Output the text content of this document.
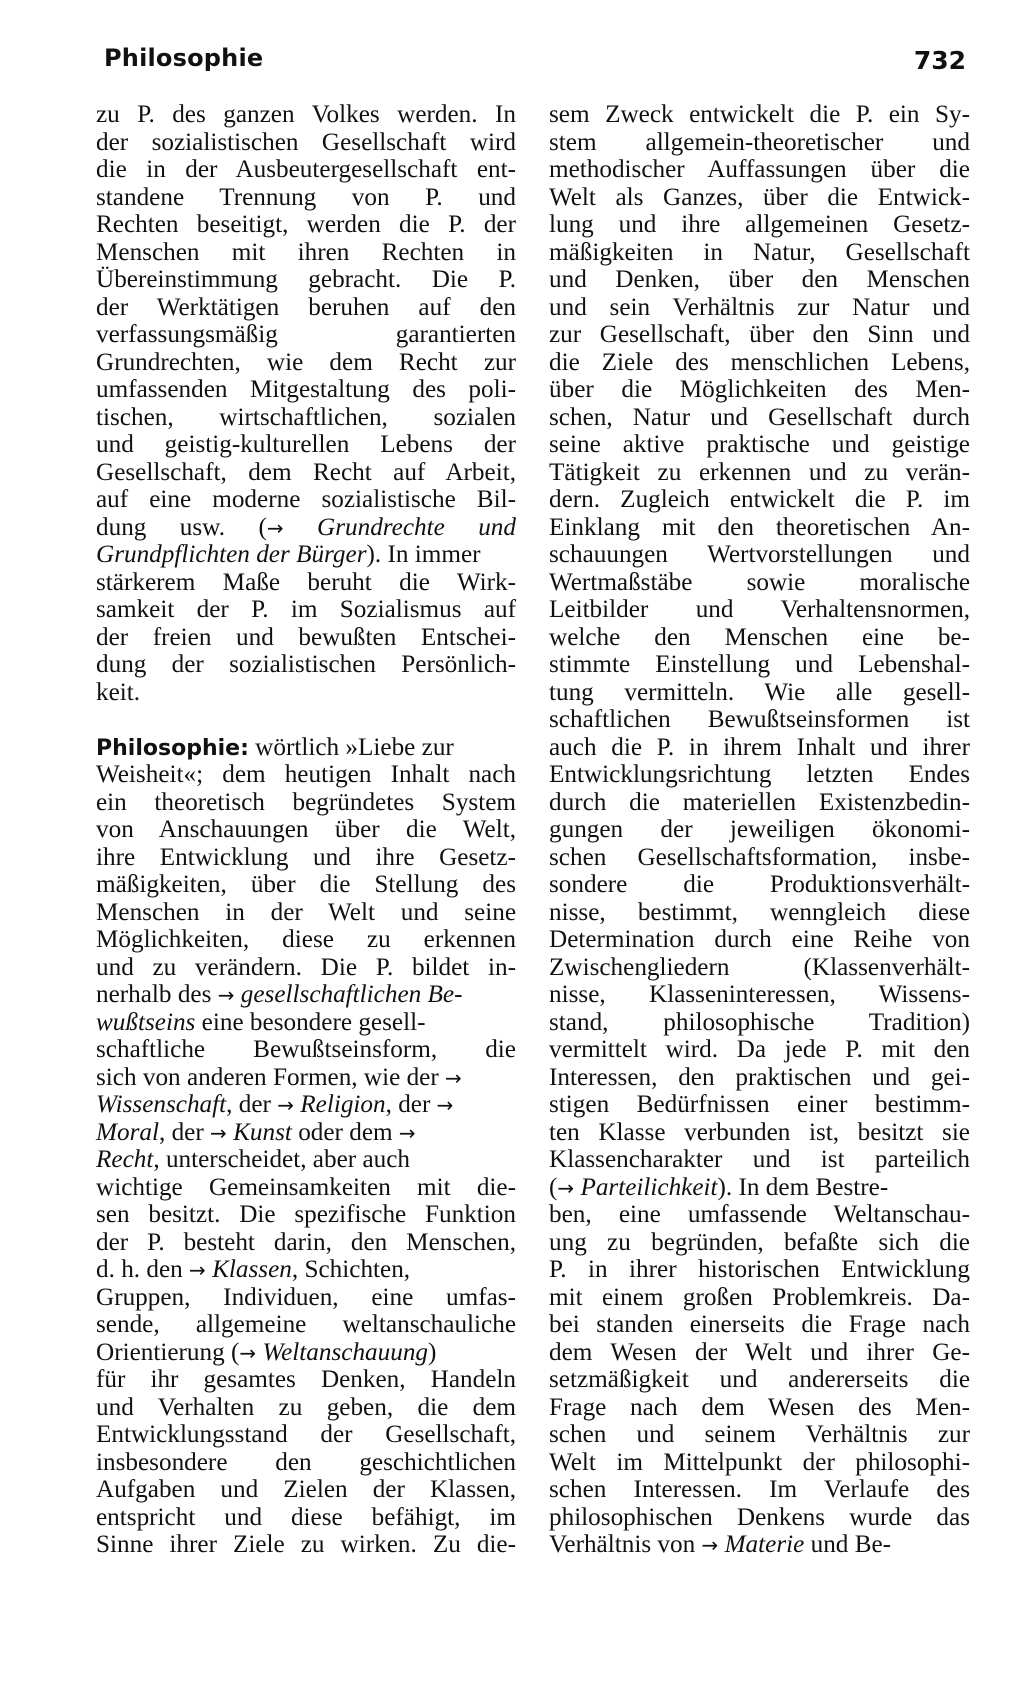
Philosophie	732
zu P. des ganzen Volkes werden. In
der sozialistischen Gesellschaft wird
die in der Ausbeutergesellschaft ent-
standene Trennung von P. und
Rechten beseitigt, werden die P. der
Menschen mit ihren Rechten in
Übereinstimmung gebracht. Die P.
der Werktätigen beruhen auf den
verfassungsmäßig garantierten
Grundrechten, wie dem Recht zur
umfassenden Mitgestaltung des poli-
tischen, wirtschaftlichen, sozialen
und geistig-kulturellen Lebens der
Gesellschaft, dem Recht auf Arbeit,
auf eine moderne sozialistische Bil-
dung usw. (→ Grundrechte und
Grundpflichten der Bürger). In immer
stärkerem Maße beruht die Wirk-
samkeit der P. im Sozialismus auf
der freien und bewußten Entschei-
dung der sozialistischen Persönlich-
keit.
Philosophie: wörtlich »Liebe zur
Weisheit«; dem heutigen Inhalt nach
ein theoretisch begründetes System
von Anschauungen über die Welt,
ihre Entwicklung und ihre Gesetz-
mäßigkeiten, über die Stellung des
Menschen in der Welt und seine
Möglichkeiten, diese zu erkennen
und zu verändern. Die P. bildet in-
nerhalb des → gesellschaftlichen Be-
wußtseins eine besondere gesell-
schaftliche Bewußtseinsform, die
sich von anderen Formen, wie der →
Wissenschaft, der → Religion, der →
Moral, der → Kunst oder dem →
Recht, unterscheidet, aber auch
wichtige Gemeinsamkeiten mit die-
sen besitzt. Die spezifische Funktion
der P. besteht darin, den Menschen,
d. h. den → Klassen, Schichten,
Gruppen, Individuen, eine umfas-
sende, allgemeine weltanschauliche
Orientierung (→ Weltanschauung)
für ihr gesamtes Denken, Handeln
und Verhalten zu geben, die dem
Entwicklungsstand der Gesellschaft,
insbesondere den geschichtlichen
Aufgaben und Zielen der Klassen,
entspricht und diese befähigt, im
Sinne ihrer Ziele zu wirken. Zu die-
sem Zweck entwickelt die P. ein Sy-
stem allgemein-theoretischer und
methodischer Auffassungen über die
Welt als Ganzes, über die Entwick-
lung und ihre allgemeinen Gesetz-
mäßigkeiten in Natur, Gesellschaft
und Denken, über den Menschen
und sein Verhältnis zur Natur und
zur Gesellschaft, über den Sinn und
die Ziele des menschlichen Lebens,
über die Möglichkeiten des Men-
schen, Natur und Gesellschaft durch
seine aktive praktische und geistige
Tätigkeit zu erkennen und zu verän-
dern. Zugleich entwickelt die P. im
Einklang mit den theoretischen An-
schauungen Wertvorstellungen und
Wertmaßstäbe sowie moralische
Leitbilder und Verhaltensnormen,
welche den Menschen eine be-
stimmte Einstellung und Lebenshal-
tung vermitteln. Wie alle gesell-
schaftlichen Bewußtseinsformen ist
auch die P. in ihrem Inhalt und ihrer
Entwicklungsrichtung letzten Endes
durch die materiellen Existenzbedin-
gungen der jeweiligen ökonomi-
schen Gesellschaftsformation, insbe-
sondere die Produktionsverhält-
nisse, bestimmt, wenngleich diese
Determination durch eine Reihe von
Zwischengliedern (Klassenverhält-
nisse, Klasseninteressen, Wissens-
stand, philosophische Tradition)
vermittelt wird. Da jede P. mit den
Interessen, den praktischen und gei-
stigen Bedürfnissen einer bestimm-
ten Klasse verbunden ist, besitzt sie
Klassencharakter und ist parteilich
(→ Parteilichkeit). In dem Bestre-
ben, eine umfassende Weltanschau-
ung zu begründen, befaßte sich die
P. in ihrer historischen Entwicklung
mit einem großen Problemkreis. Da-
bei standen einerseits die Frage nach
dem Wesen der Welt und ihrer Ge-
setzmäßigkeit und andererseits die
Frage nach dem Wesen des Men-
schen und seinem Verhältnis zur
Welt im Mittelpunkt der philosophi-
schen Interessen. Im Verlaufe des
philosophischen Denkens wurde das
Verhältnis von → Materie und Be-
